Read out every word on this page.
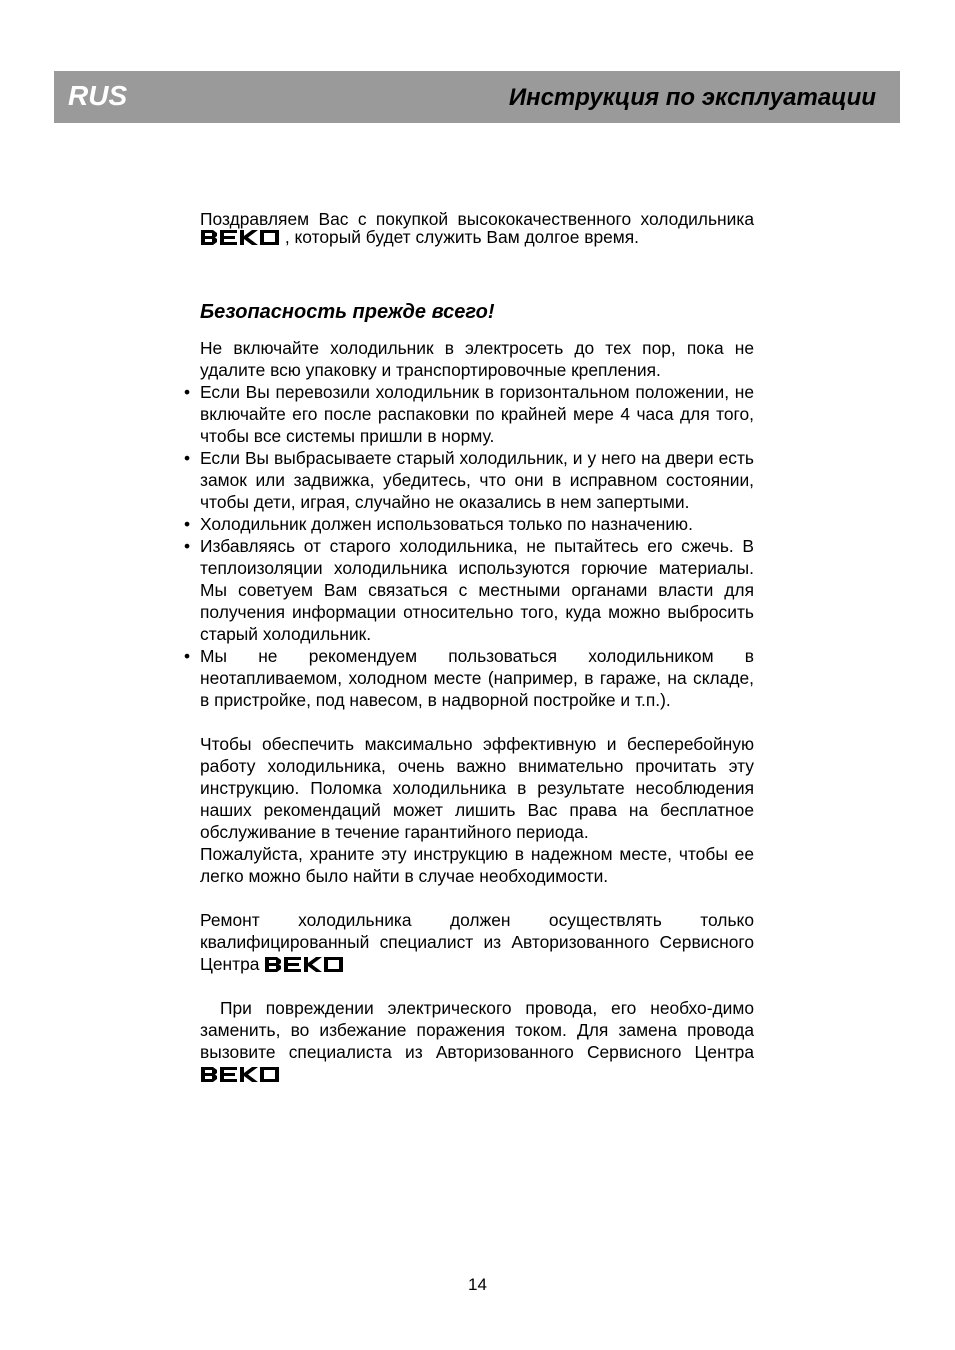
RUS	Инструкция по эксплуатации

Поздравляем Вас с покупкой высококачественного холодильника
, который будет служить Вам долгое время.

Безопасность прежде всего!

Не включайте холодильник в электросеть до тех пор, пока не удалите всю упаковку и транспортировочные крепления.

• Если Вы перевозили холодильник в горизонтальном положении, не включайте его после распаковки по крайней мере 4 часа для того, чтобы все системы пришли в норму.
• Если Вы выбрасываете старый холодильник, и у него на двери есть замок или задвижка, убедитесь, что они в исправном состоянии, чтобы дети, играя, случайно не оказались в нем запертыми.
• Холодильник должен использоваться только по назначению.
• Избавляясь от старого холодильника, не пытайтесь его сжечь. В теплоизоляции холодильника используются горючие материалы. Мы советуем Вам связаться с местными органами власти для получения информации относительно того, куда можно выбросить старый холодильник.
• Мы не рекомендуем пользоваться холодильником в неотапливаемом, холодном месте (например, в гараже, на складе, в пристройке, под навесом, в надворной постройке и т.п.).

Чтобы обеспечить максимально эффективную и бесперебойную работу холодильника, очень важно внимательно прочитать эту инструкцию. Поломка холодильника в результате несоблюдения наших рекомендаций может лишить Вас права на бесплатное обслуживание в течение гарантийного периода.

Пожалуйста, храните эту инструкцию в надежном месте, чтобы ее легко можно было найти в случае необходимости.

Ремонт холодильника должен осуществлять только квалифицированный специалист из Авторизованного Сервисного Центра

При повреждении электрического провода, его необхо-димо заменить, во избежание поражения током. Для замена провода вызовите специалиста из Авторизованного Сервисного Центра

14
